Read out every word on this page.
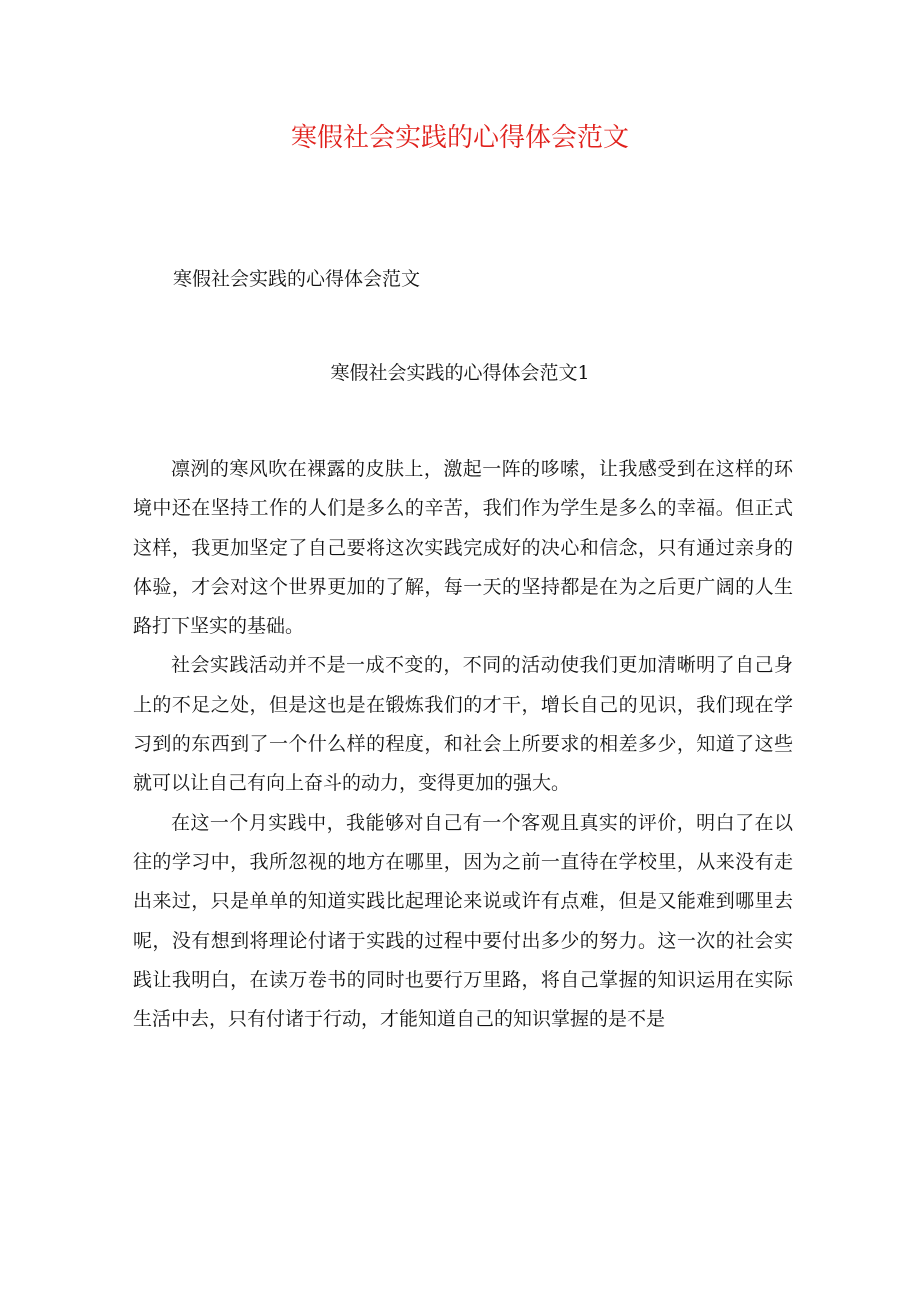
寒假社会实践的心得体会范文
寒假社会实践的心得体会范文
寒假社会实践的心得体会范文1

凛洌的寒风吹在裸露的皮肤上，激起一阵的哆嗦，让我感受到在这样的环境中还在坚持工作的人们是多么的辛苦，我们作为学生是多么的幸福。但正式这样，我更加坚定了自己要将这次实践完成好的决心和信念，只有通过亲身的体验，才会对这个世界更加的了解，每一天的坚持都是在为之后更广阔的人生路打下坚实的基础。

社会实践活动并不是一成不变的，不同的活动使我们更加清晰明了自己身上的不足之处，但是这也是在锻炼我们的才干，增长自己的见识，我们现在学习到的东西到了一个什么样的程度，和社会上所要求的相差多少，知道了这些就可以让自己有向上奋斗的动力，变得更加的强大。

在这一个月实践中，我能够对自己有一个客观且真实的评价，明白了在以往的学习中，我所忽视的地方在哪里，因为之前一直待在学校里，从来没有走出来过，只是单单的知道实践比起理论来说或许有点难，但是又能难到哪里去呢，没有想到将理论付诸于实践的过程中要付出多少的努力。这一次的社会实践让我明白，在读万卷书的同时也要行万里路，将自己掌握的知识运用在实际生活中去，只有付诸于行动，才能知道自己的知识掌握的是不是
